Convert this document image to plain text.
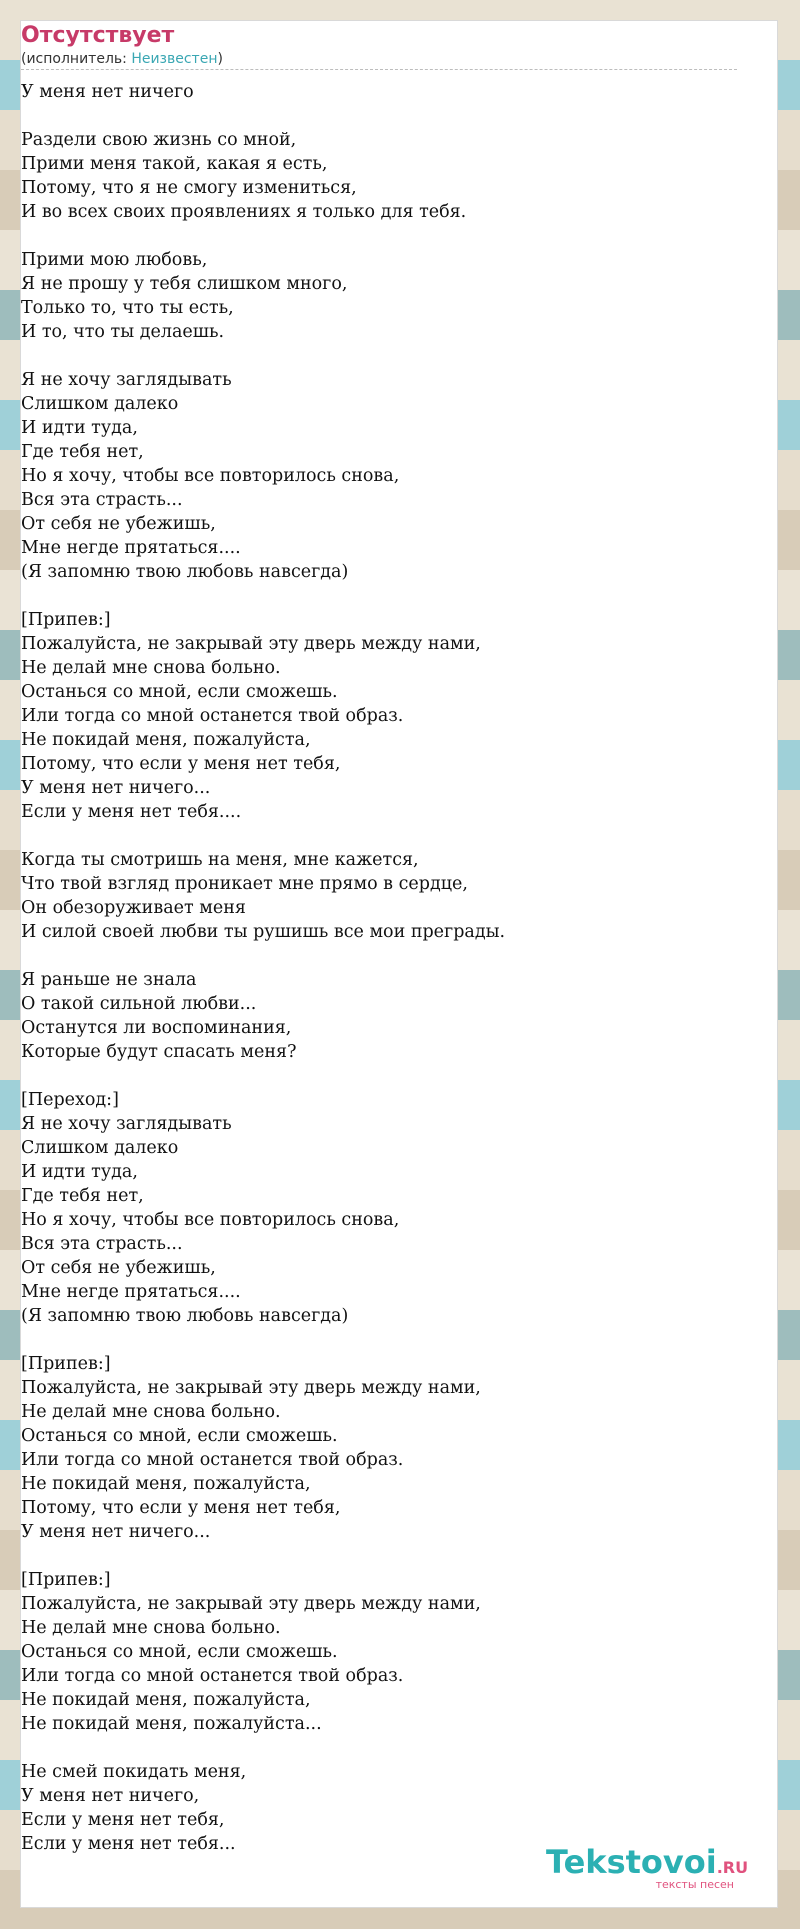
Отсутствует
(исполнитель: Неизвестен)
У меня нет ничего
Раздели свою жизнь со мной,
Прими меня такой, какая я есть,
Потому, что я не смогу измениться,
И во всех своих проявлениях я только для тебя.
Прими мою любовь,
Я не прошу у тебя слишком много,
Только то, что ты есть,
И то, что ты делаешь.
Я не хочу заглядывать
Слишком далеко
И идти туда,
Где тебя нет,
Но я хочу, чтобы все повторилось снова,
Вся эта страсть...
От себя не убежишь,
Мне негде прятаться....
(Я запомню твою любовь навсегда)
[Припев:]
Пожалуйста, не закрывай эту дверь между нами,
Не делай мне снова больно.
Останься со мной, если сможешь.
Или тогда со мной останется твой образ.
Не покидай меня, пожалуйста,
Потому, что если у меня нет тебя,
У меня нет ничего...
Если у меня нет тебя....
Когда ты смотришь на меня, мне кажется,
Что твой взгляд проникает мне прямо в сердце,
Он обезоруживает меня
И силой своей любви ты рушишь все мои преграды.
Я раньше не знала
О такой сильной любви...
Останутся ли воспоминания,
Которые будут спасать меня?
[Переход:]
Я не хочу заглядывать
Слишком далеко
И идти туда,
Где тебя нет,
Но я хочу, чтобы все повторилось снова,
Вся эта страсть...
От себя не убежишь,
Мне негде прятаться....
(Я запомню твою любовь навсегда)
[Припев:]
Пожалуйста, не закрывай эту дверь между нами,
Не делай мне снова больно.
Останься со мной, если сможешь.
Или тогда со мной останется твой образ.
Не покидай меня, пожалуйста,
Потому, что если у меня нет тебя,
У меня нет ничего...
[Припев:]
Пожалуйста, не закрывай эту дверь между нами,
Не делай мне снова больно.
Останься со мной, если сможешь.
Или тогда со мной останется твой образ.
Не покидай меня, пожалуйста,
Не покидай меня, пожалуйста...
Не смей покидать меня,
У меня нет ничего,
Если у меня нет тебя,
Если у меня нет тебя...	Tekstovoi.RU
тексты песен
